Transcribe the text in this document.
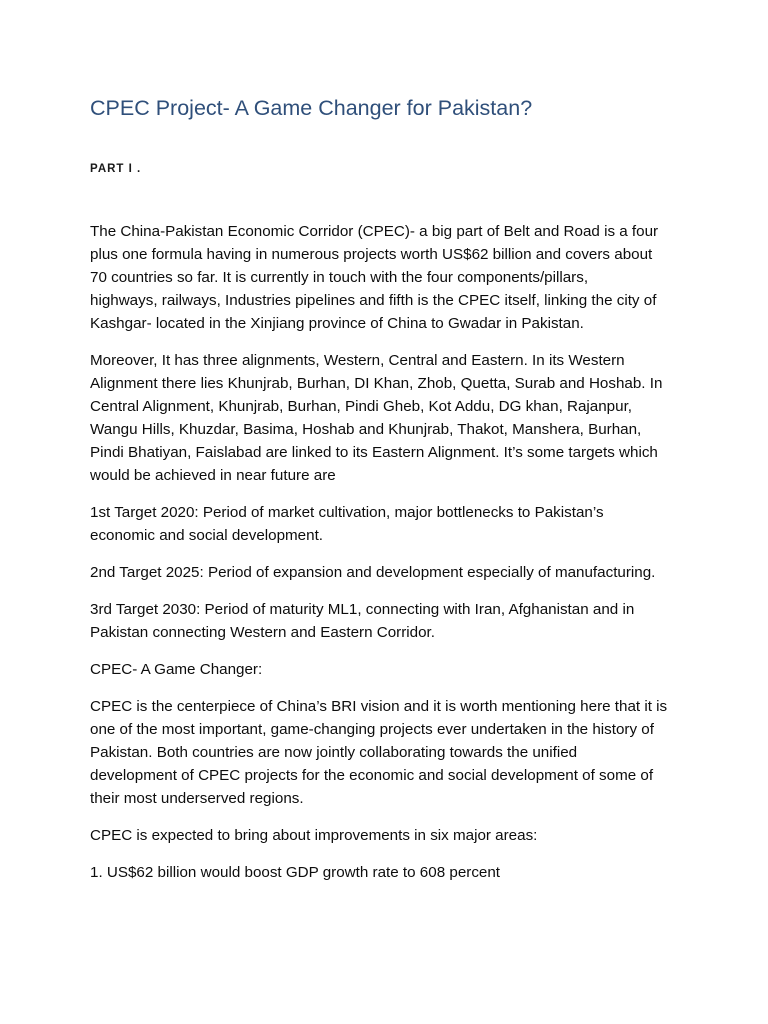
CPEC Project- A Game Changer for Pakistan?
PART I .

The China-Pakistan Economic Corridor (CPEC)- a big part of Belt and Road is a four
plus one formula having in numerous projects worth US$62 billion and covers about
70 countries so far. It is currently in touch with the four components/pillars,
highways, railways, Industries pipelines and fifth is the CPEC itself, linking the city of
Kashgar- located in the Xinjiang province of China to Gwadar in Pakistan.

Moreover, It has three alignments, Western, Central and Eastern. In its Western
Alignment there lies Khunjrab, Burhan, DI Khan, Zhob, Quetta, Surab and Hoshab. In
Central Alignment, Khunjrab, Burhan, Pindi Gheb, Kot Addu, DG khan, Rajanpur,
Wangu Hills, Khuzdar, Basima, Hoshab and Khunjrab, Thakot, Manshera, Burhan,
Pindi Bhatiyan, Faislabad are linked to its Eastern Alignment. It’s some targets which
would be achieved in near future are

1st Target 2020: Period of market cultivation, major bottlenecks to Pakistan’s
economic and social development.

2nd Target 2025: Period of expansion and development especially of manufacturing.

3rd Target 2030: Period of maturity ML1, connecting with Iran, Afghanistan and in
Pakistan connecting Western and Eastern Corridor.

CPEC- A Game Changer:

CPEC is the centerpiece of China’s BRI vision and it is worth mentioning here that it is
one of the most important, game-changing projects ever undertaken in the history of
Pakistan. Both countries are now jointly collaborating towards the unified
development of CPEC projects for the economic and social development of some of
their most underserved regions.

CPEC is expected to bring about improvements in six major areas:

1. US$62 billion would boost GDP growth rate to 608 percent
